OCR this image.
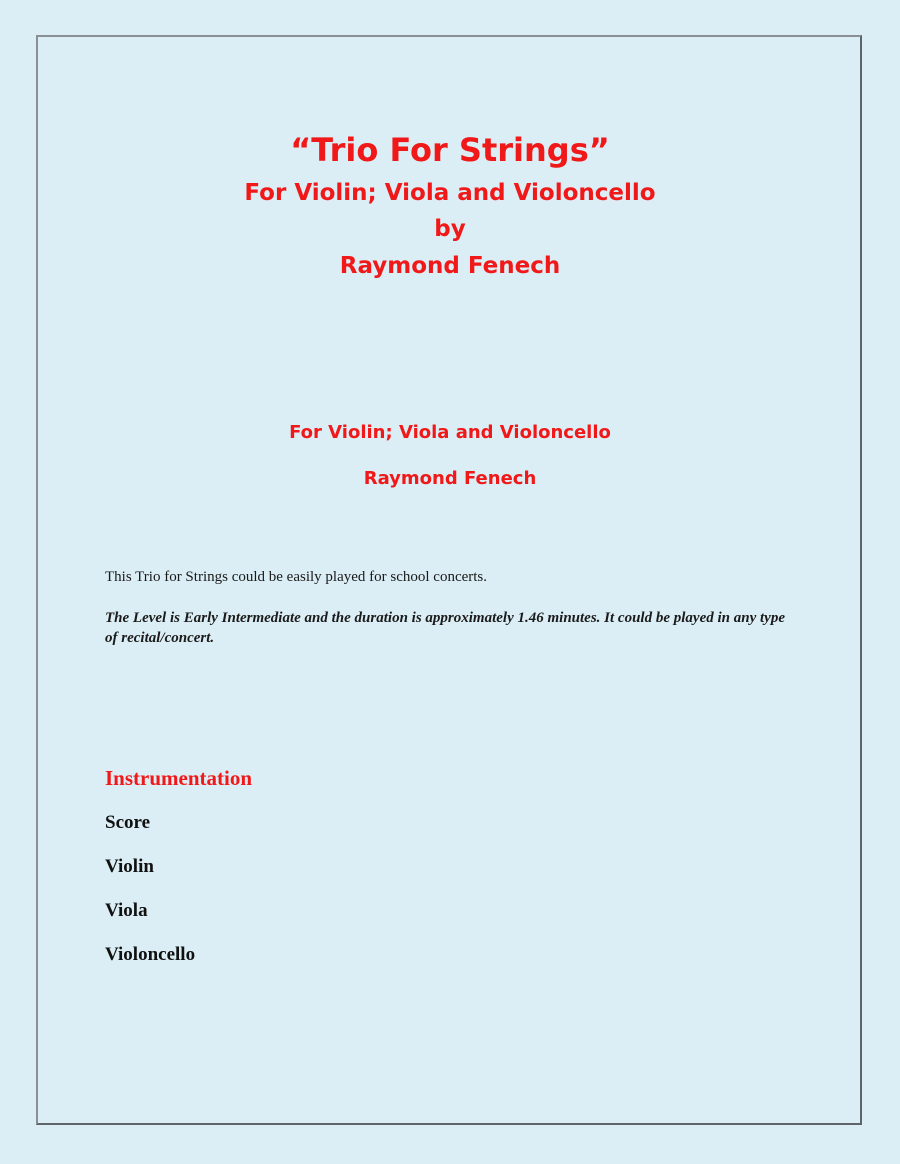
“Trio For Strings”
For Violin; Viola and Violoncello
by
Raymond Fenech
For Violin; Viola and Violoncello
Raymond Fenech
This Trio for Strings could be easily played for school concerts.
The Level is Early Intermediate and the duration is approximately 1.46 minutes. It could be played in any type of recital/concert.
Instrumentation
Score
Violin
Viola
Violoncello
